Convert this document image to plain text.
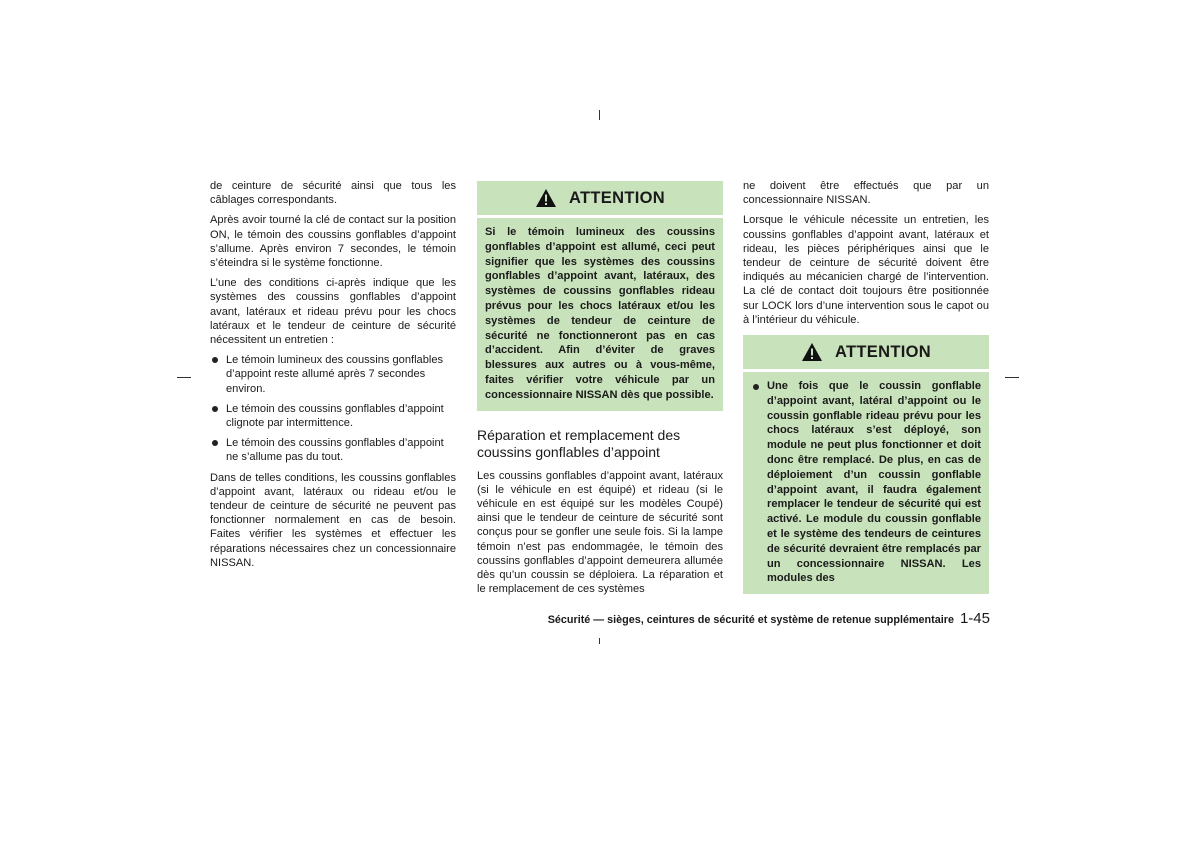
de ceinture de sécurité ainsi que tous les câblages correspondants.

Après avoir tourné la clé de contact sur la position ON, le témoin des coussins gonflables d’appoint s’allume. Après environ 7 secondes, le témoin s’éteindra si le système fonctionne.

L’une des conditions ci-après indique que les systèmes des coussins gonflables d’appoint avant, latéraux et rideau prévu pour les chocs latéraux et le tendeur de ceinture de sécurité nécessitent un entretien :

Le témoin lumineux des coussins gonflables d’appoint reste allumé après 7 secondes environ.
Le témoin des coussins gonflables d’appoint clignote par intermittence.
Le témoin des coussins gonflables d’appoint ne s’allume pas du tout.

Dans de telles conditions, les coussins gonflables d’appoint avant, latéraux ou rideau et/ou le tendeur de ceinture de sécurité ne peuvent pas fonctionner normalement en cas de besoin. Faites vérifier les systèmes et effectuer les réparations nécessaires chez un concessionnaire NISSAN.

ATTENTION
Si le témoin lumineux des coussins gonflables d’appoint est allumé, ceci peut signifier que les systèmes des coussins gonflables d’appoint avant, latéraux, des systèmes de coussins gonflables rideau prévus pour les chocs latéraux et/ou les systèmes de tendeur de ceinture de sécurité ne fonctionneront pas en cas d’accident. Afin d’éviter de graves blessures aux autres ou à vous-même, faites vérifier votre véhicule par un concessionnaire NISSAN dès que possible.
Réparation et remplacement des coussins gonflables d’appoint

Les coussins gonflables d’appoint avant, latéraux (si le véhicule en est équipé) et rideau (si le véhicule en est équipé sur les modèles Coupé) ainsi que le tendeur de ceinture de sécurité sont conçus pour se gonfler une seule fois. Si la lampe témoin n’est pas endommagée, le témoin des coussins gonflables d’appoint demeurera allumée dès qu’un coussin se déploiera. La réparation et le remplacement de ces systèmes

ne doivent être effectués que par un concessionnaire NISSAN.

Lorsque le véhicule nécessite un entretien, les coussins gonflables d’appoint avant, latéraux et rideau, les pièces périphériques ainsi que le tendeur de ceinture de sécurité doivent être indiqués au mécanicien chargé de l’intervention. La clé de contact doit toujours être positionnée sur LOCK lors d’une intervention sous le capot ou à l’intérieur du véhicule.

ATTENTION
Une fois que le coussin gonflable d’appoint avant, latéral d’appoint ou le coussin gonflable rideau prévu pour les chocs latéraux s’est déployé, son module ne peut plus fonctionner et doit donc être remplacé. De plus, en cas de déploiement d’un coussin gonflable d’appoint avant, il faudra également remplacer le tendeur de sécurité qui est activé. Le module du coussin gonflable et le système des tendeurs de ceintures de sécurité devraient être remplacés par un concessionnaire NISSAN. Les modules des
Sécurité — sièges, ceintures de sécurité et système de retenue supplémentaire 1-45
